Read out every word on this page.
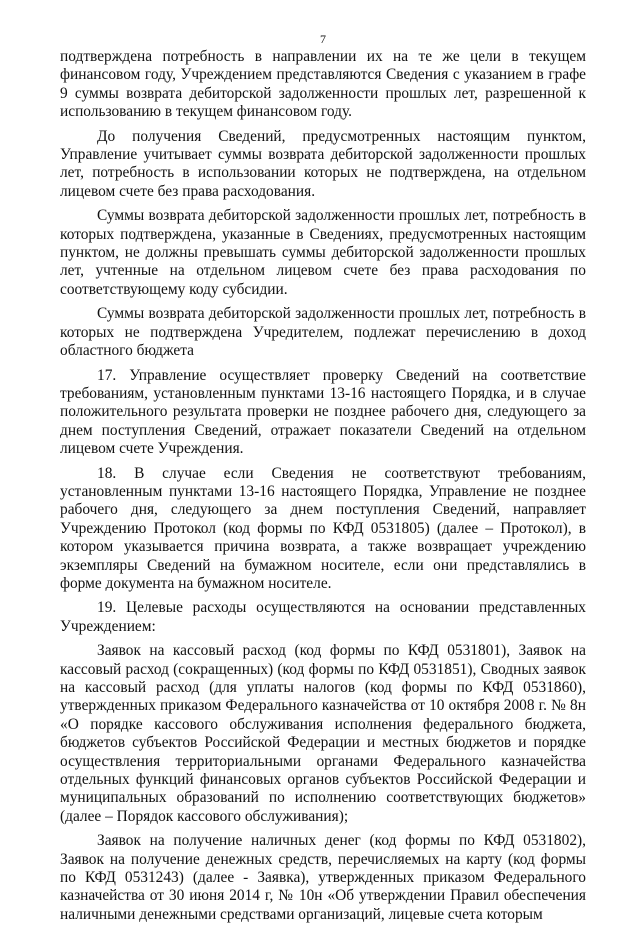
7

подтверждена потребность в направлении их на те же цели в текущем финансовом году, Учреждением представляются Сведения с указанием в графе 9 суммы возврата дебиторской задолженности прошлых лет, разрешенной к использованию в текущем финансовом году.

До получения Сведений, предусмотренных настоящим пунктом, Управление учитывает суммы возврата дебиторской задолженности прошлых лет, потребность в использовании которых не подтверждена, на отдельном лицевом счете без права расходования.

Суммы возврата дебиторской задолженности прошлых лет, потребность в которых подтверждена, указанные в Сведениях, предусмотренных настоящим пунктом, не должны превышать суммы дебиторской задолженности прошлых лет, учтенные на отдельном лицевом счете без права расходования по соответствующему коду субсидии.

Суммы возврата дебиторской задолженности прошлых лет, потребность в которых не подтверждена Учредителем, подлежат перечислению в доход областного бюджета

17. Управление осуществляет проверку Сведений на соответствие требованиям, установленным пунктами 13-16 настоящего Порядка, и в случае положительного результата проверки не позднее рабочего дня, следующего за днем поступления Сведений, отражает показатели Сведений на отдельном лицевом счете Учреждения.

18. В случае если Сведения не соответствуют требованиям, установленным пунктами 13-16 настоящего Порядка, Управление не позднее рабочего дня, следующего за днем поступления Сведений, направляет Учреждению Протокол (код формы по КФД 0531805) (далее – Протокол), в котором указывается причина возврата, а также возвращает учреждению экземпляры Сведений на бумажном носителе, если они представлялись в форме документа на бумажном носителе.

19. Целевые расходы осуществляются на основании представленных Учреждением:

Заявок на кассовый расход (код формы по КФД 0531801), Заявок на кассовый расход (сокращенных) (код формы по КФД 0531851), Сводных заявок на кассовый расход (для уплаты налогов (код формы по КФД 0531860), утвержденных приказом Федерального казначейства от 10 октября 2008 г. № 8н «О порядке кассового обслуживания исполнения федерального бюджета, бюджетов субъектов Российской Федерации и местных бюджетов и порядке осуществления территориальными органами Федерального казначейства отдельных функций финансовых органов субъектов Российской Федерации и муниципальных образований по исполнению соответствующих бюджетов» (далее – Порядок кассового обслуживания);

Заявок на получение наличных денег (код формы по КФД 0531802), Заявок на получение денежных средств, перечисляемых на карту (код формы по КФД 0531243) (далее - Заявка), утвержденных приказом Федерального казначейства от 30 июня 2014 г, № 10н «Об утверждении Правил обеспечения наличными денежными средствами организаций, лицевые счета которым
